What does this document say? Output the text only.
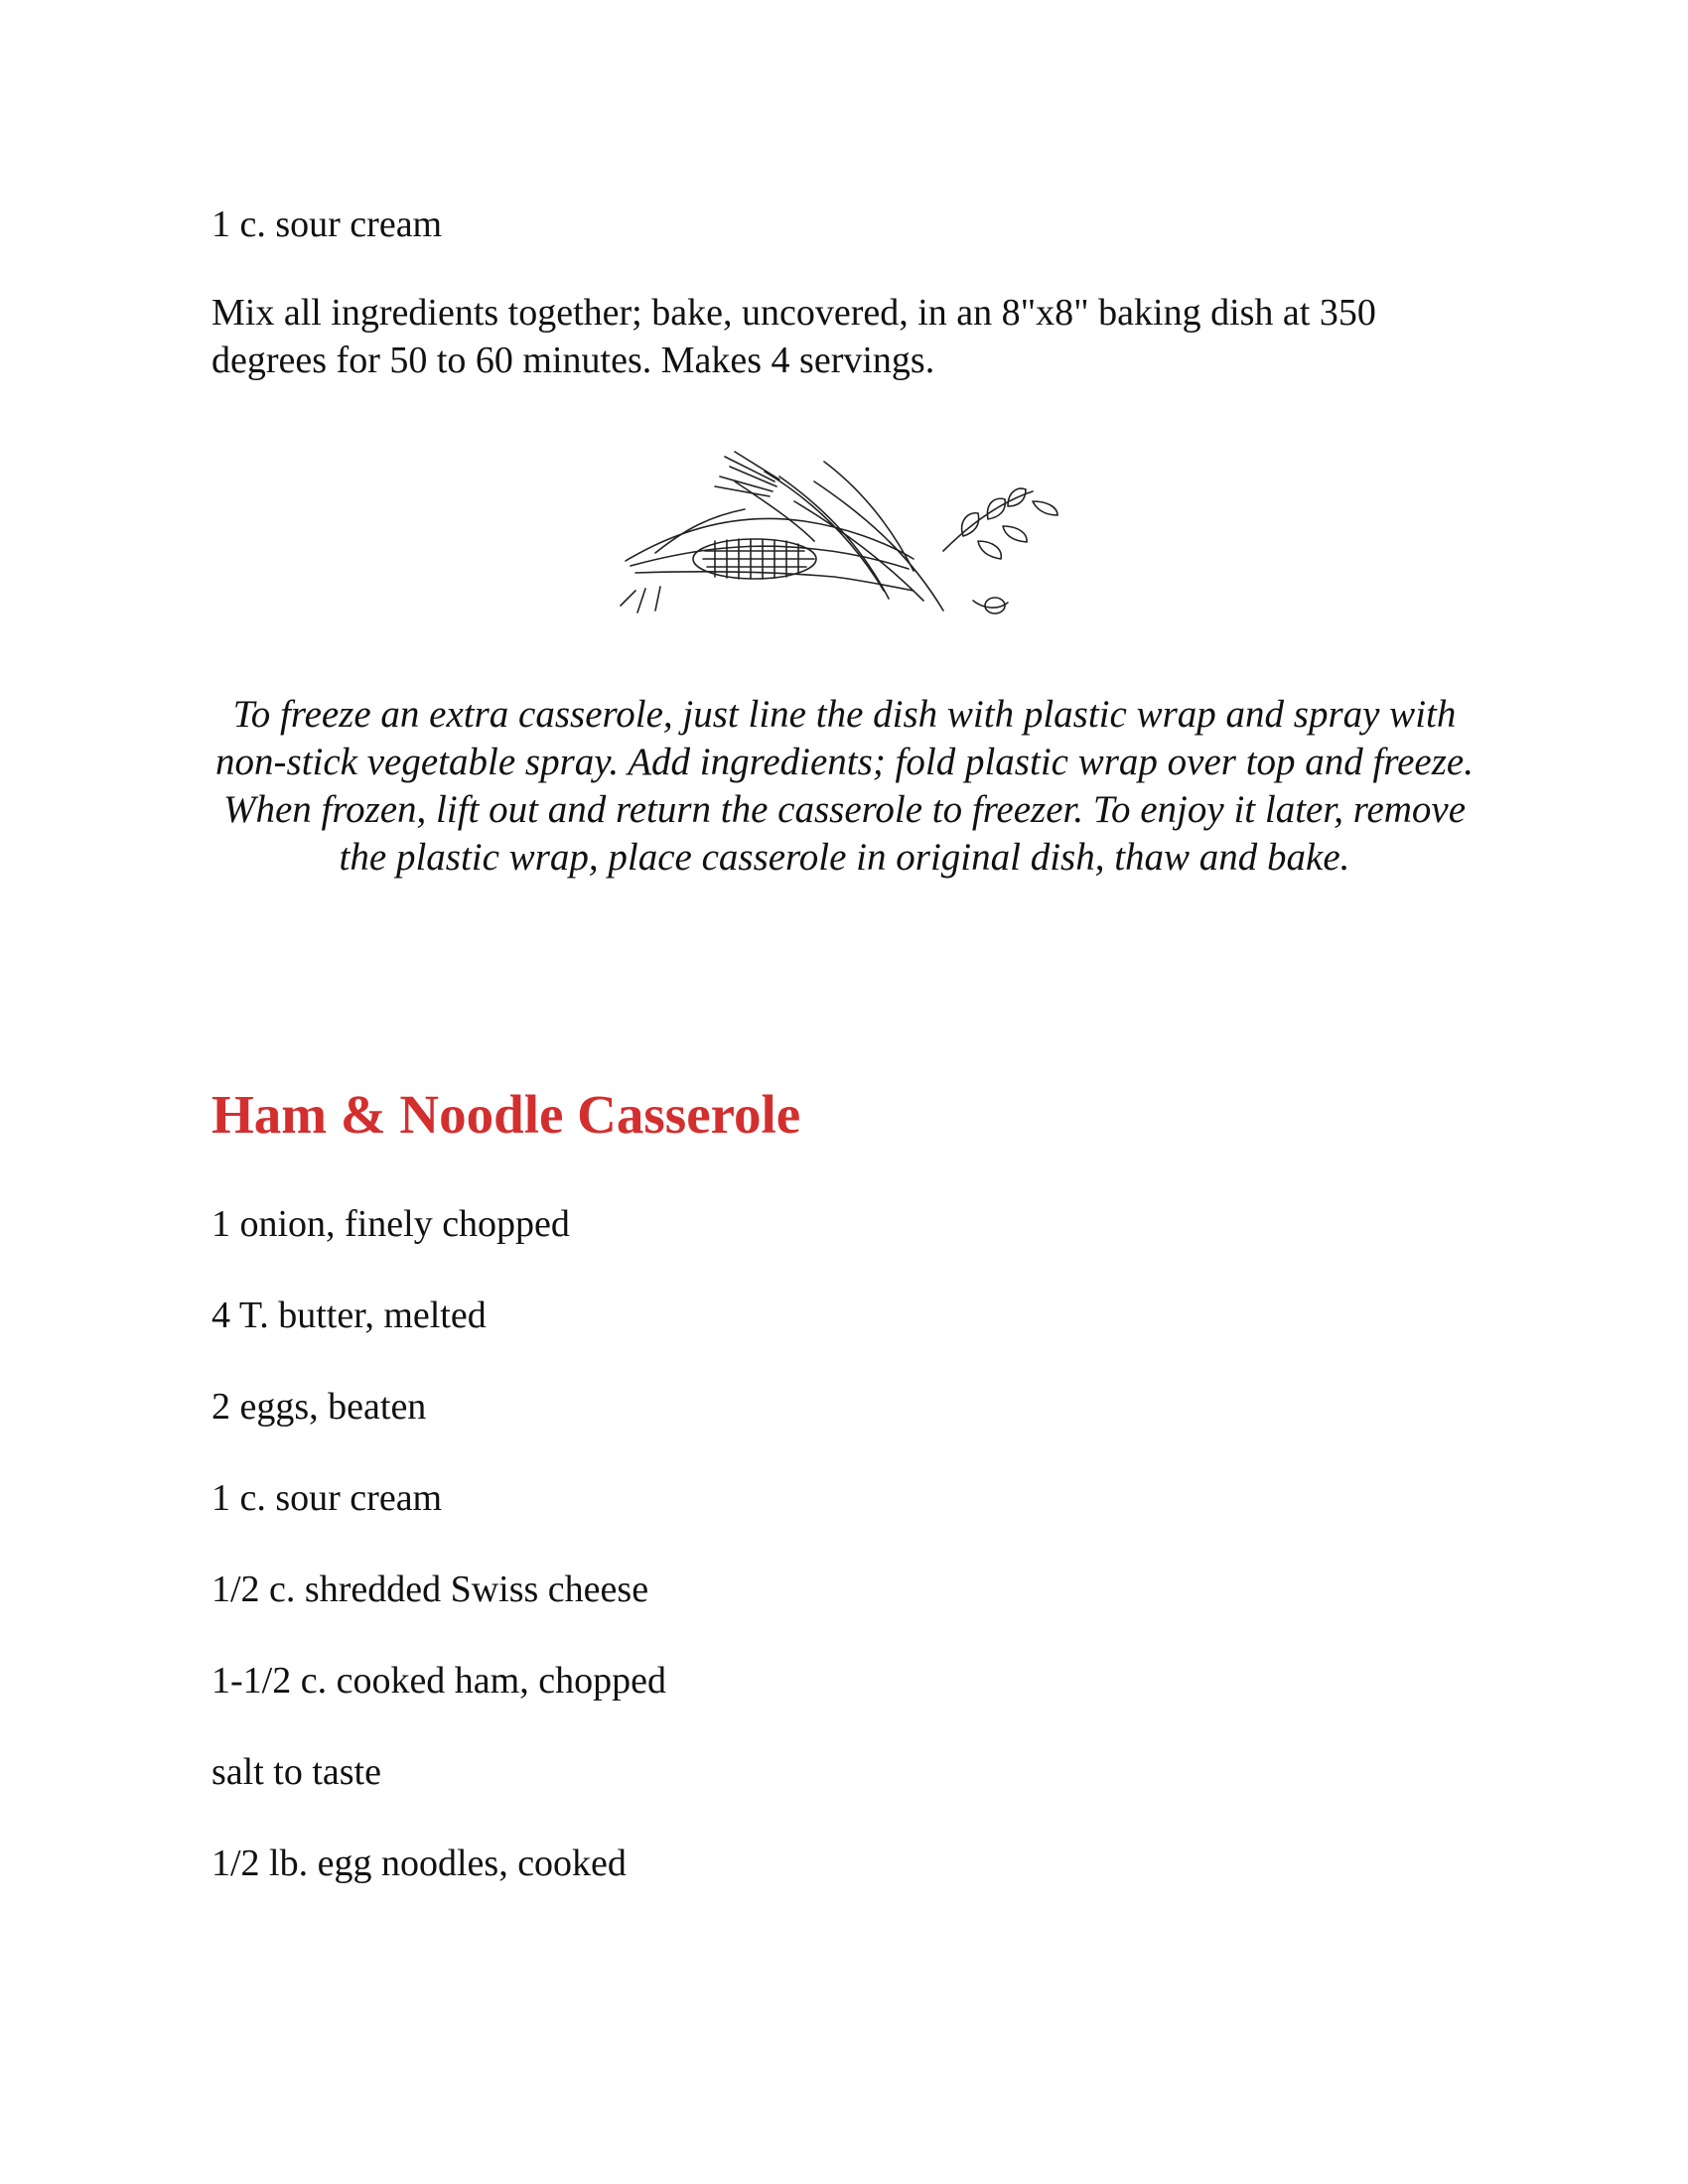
1 c. sour cream
Mix all ingredients together; bake, uncovered, in an 8"x8" baking dish at 350 degrees for 50 to 60 minutes. Makes 4 servings.
To freeze an extra casserole, just line the dish with plastic wrap and spray with non-stick vegetable spray. Add ingredients; fold plastic wrap over top and freeze. When frozen, lift out and return the casserole to freezer. To enjoy it later, remove the plastic wrap, place casserole in original dish, thaw and bake.
Ham & Noodle Casserole
1 onion, finely chopped
4 T. butter, melted
2 eggs, beaten
1 c. sour cream
1/2 c. shredded Swiss cheese
1-1/2 c. cooked ham, chopped
salt to taste
1/2 lb. egg noodles, cooked
